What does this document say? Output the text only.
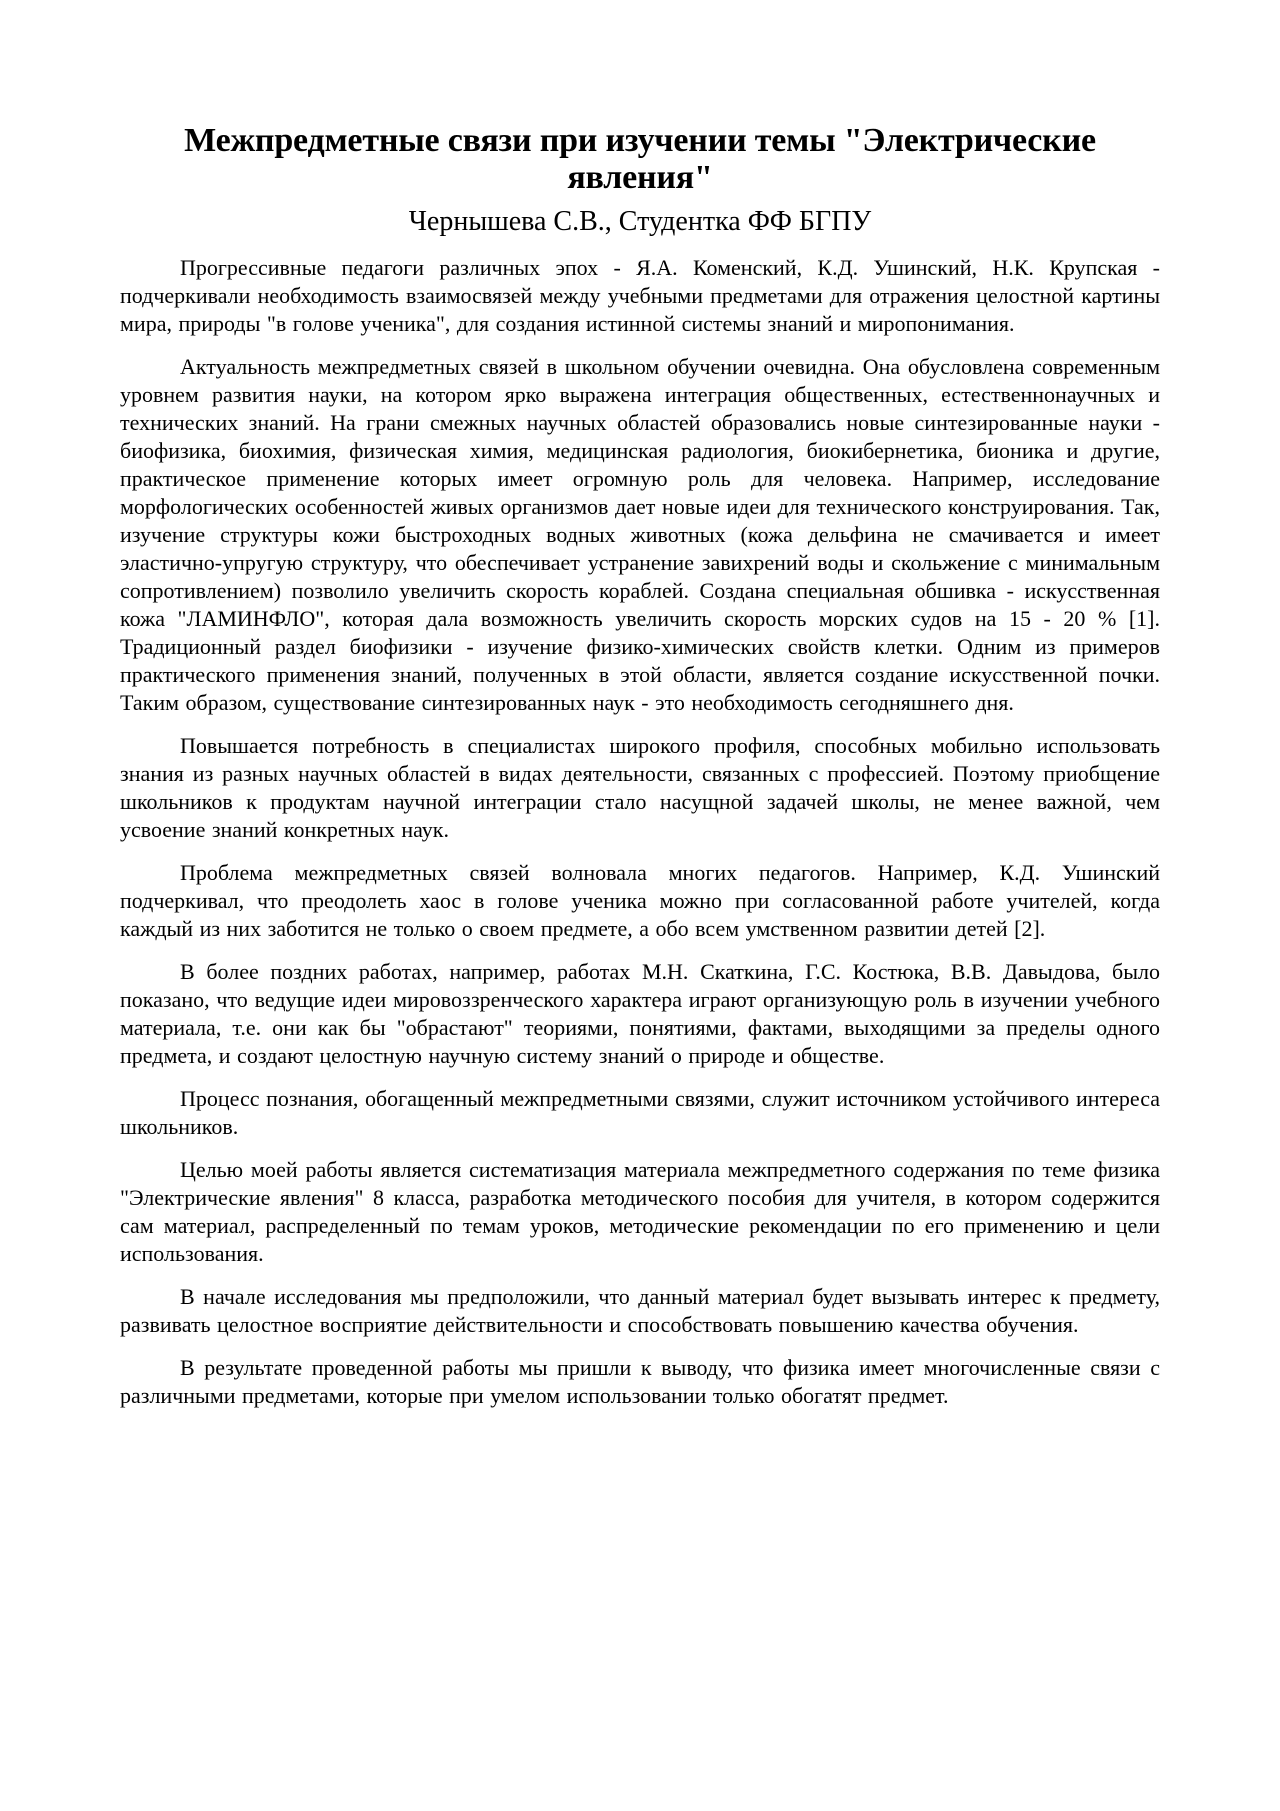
Межпредметные связи при изучении темы "Электрические явления"
Чернышева С.В., Студентка ФФ БГПУ

Прогрессивные педагоги различных эпох - Я.А. Коменский, К.Д. Ушинский, Н.К. Крупская - подчеркивали необходимость взаимосвязей между учебными предметами для отражения целостной картины мира, природы "в голове ученика", для создания истинной системы знаний и миропонимания.

Актуальность межпредметных связей в школьном обучении очевидна. Она обусловлена современным уровнем развития науки, на котором ярко выражена интеграция общественных, естественнонаучных и технических знаний. На грани смежных научных областей образовались новые синтезированные науки - биофизика, биохимия, физическая химия, медицинская радиология, биокибернетика, бионика и другие, практическое применение которых имеет огромную роль для человека. Например, исследование морфологических особенностей живых организмов дает новые идеи для технического конструирования. Так, изучение структуры кожи быстроходных водных животных (кожа дельфина не смачивается и имеет эластично-упругую структуру, что обеспечивает устранение завихрений воды и скольжение с минимальным сопротивлением) позволило увеличить скорость кораблей. Создана специальная обшивка - искусственная кожа "ЛАМИНФЛО", которая дала возможность увеличить скорость морских судов на 15 - 20 % [1]. Традиционный раздел биофизики - изучение физико-химических свойств клетки. Одним из примеров практического применения знаний, полученных в этой области, является создание искусственной почки. Таким образом, существование синтезированных наук - это необходимость сегодняшнего дня.

Повышается потребность в специалистах широкого профиля, способных мобильно использовать знания из разных научных областей в видах деятельности, связанных с профессией. Поэтому приобщение школьников к продуктам научной интеграции стало насущной задачей школы, не менее важной, чем усвоение знаний конкретных наук.

Проблема межпредметных связей волновала многих педагогов. Например, К.Д. Ушинский подчеркивал, что преодолеть хаос в голове ученика можно при согласованной работе учителей, когда каждый из них заботится не только о своем предмете, а обо всем умственном развитии детей [2].

В более поздних работах, например, работах М.Н. Скаткина, Г.С. Костюка, В.В. Давыдова, было показано, что ведущие идеи мировоззренческого характера играют организующую роль в изучении учебного материала, т.е. они как бы "обрастают" теориями, понятиями, фактами, выходящими за пределы одного предмета, и создают целостную научную систему знаний о природе и обществе.

Процесс познания, обогащенный межпредметными связями, служит источником устойчивого интереса школьников.

Целью моей работы является систематизация материала межпредметного содержания по теме физика "Электрические явления" 8 класса, разработка методического пособия для учителя, в котором содержится сам материал, распределенный по темам уроков, методические рекомендации по его применению и цели использования.

В начале исследования мы предположили, что данный материал будет вызывать интерес к предмету, развивать целостное восприятие действительности и способствовать повышению качества обучения.

В результате проведенной работы мы пришли к выводу, что физика имеет многочисленные связи с различными предметами, которые при умелом использовании только обогатят предмет.
